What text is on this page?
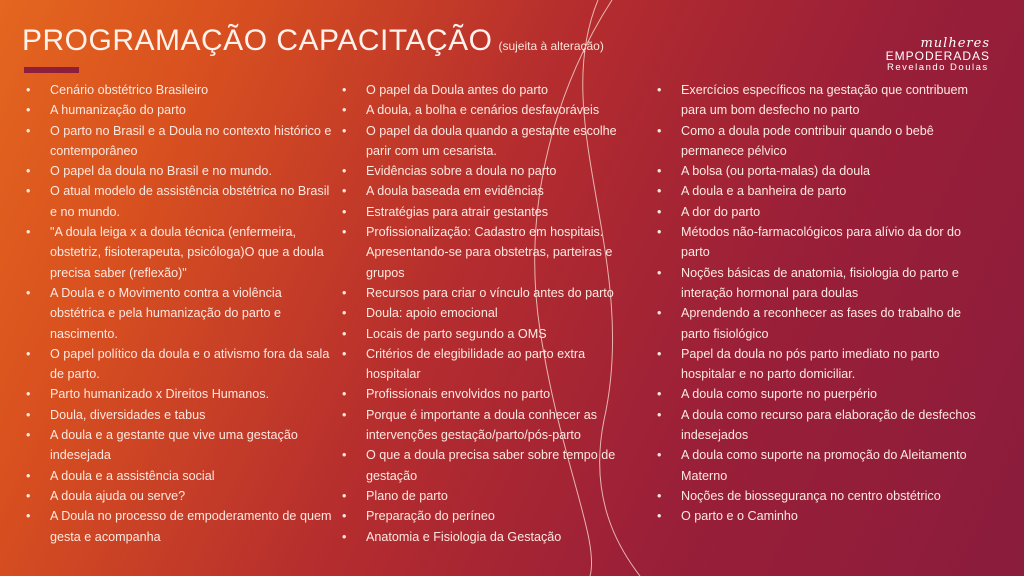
PROGRAMAÇÃO CAPACITAÇÃO (sujeita à alteração)	mulheres
EMPODERADAS
Revelando Doulas
• Cenário obstétrico Brasileiro
• A humanização do parto
• O parto no Brasil e a Doula no contexto histórico e contemporâneo
• O papel da doula no Brasil e no mundo.
• O atual modelo de assistência obstétrica no Brasil e no mundo.
• "A doula leiga x a doula técnica (enfermeira, obstetriz, fisioterapeuta, psicóloga)O que a doula precisa saber (reflexão)"
• A Doula e o Movimento contra a violência obstétrica e pela humanização do parto e nascimento.
• O papel político da doula e o ativismo fora da sala de parto.
• Parto humanizado x Direitos Humanos.
• Doula, diversidades e tabus
• A doula e a gestante que vive uma gestação indesejada
• A doula e a assistência social
• A doula ajuda ou serve?
• A Doula no processo de empoderamento de quem gesta e acompanha
• O papel da Doula antes do parto
• A doula, a bolha e cenários desfavoráveis
• O papel da doula quando a gestante escolhe parir com um cesarista.
• Evidências sobre a doula no parto
• A doula baseada em evidências
• Estratégias para atrair gestantes
• Profissionalização: Cadastro em hospitais. Apresentando-se para obstetras, parteiras e grupos
• Recursos para criar o vínculo antes do parto
• Doula: apoio emocional
• Locais de parto segundo a OMS
• Critérios de elegibilidade ao parto extra hospitalar
• Profissionais envolvidos no parto
• Porque é importante a doula conhecer as intervenções gestação/parto/pós-parto
• O que a doula precisa saber sobre tempo de gestação
• Plano de parto
• Preparação do períneo
• Anatomia e Fisiologia da Gestação
• Exercícios específicos na gestação que contribuem para um bom desfecho no parto
• Como a doula pode contribuir quando o bebê permanece pélvico
• A bolsa (ou porta-malas) da doula
• A doula e a banheira de parto
• A dor do parto
• Métodos não-farmacológicos para alívio da dor do parto
• Noções básicas de anatomia, fisiologia do parto e interação hormonal para doulas
• Aprendendo a reconhecer as fases do trabalho de parto fisiológico
• Papel da doula no pós parto imediato no parto hospitalar e no parto domiciliar.
• A doula como suporte no puerpério
• A doula como recurso para elaboração de desfechos indesejados
• A doula como suporte na promoção do Aleitamento Materno
• Noções de biossegurança no centro obstétrico
• O parto e o Caminho
